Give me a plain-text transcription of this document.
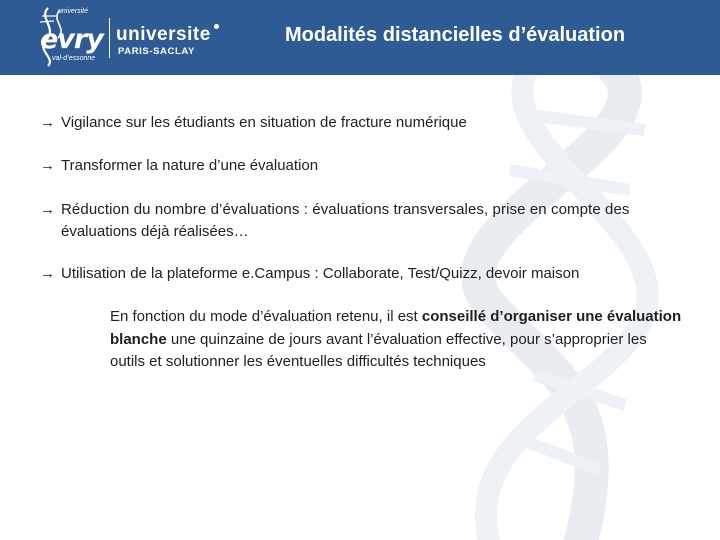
université
evry
val-d’essonne
universite
PARIS-SACLAY
Modalités distancielles d’évaluation
→ Vigilance sur les étudiants en situation de fracture numérique
→ Transformer la nature d’une évaluation
→ Réduction du nombre d’évaluations : évaluations transversales, prise en compte des
évaluations déjà réalisées…
→ Utilisation de la plateforme e.Campus : Collaborate, Test/Quizz, devoir maison
En fonction du mode d’évaluation retenu, il est conseillé d’organiser une évaluation blanche une quinzaine de jours avant l’évaluation effective, pour s’approprier les outils et solutionner les éventuelles difficultés techniques
